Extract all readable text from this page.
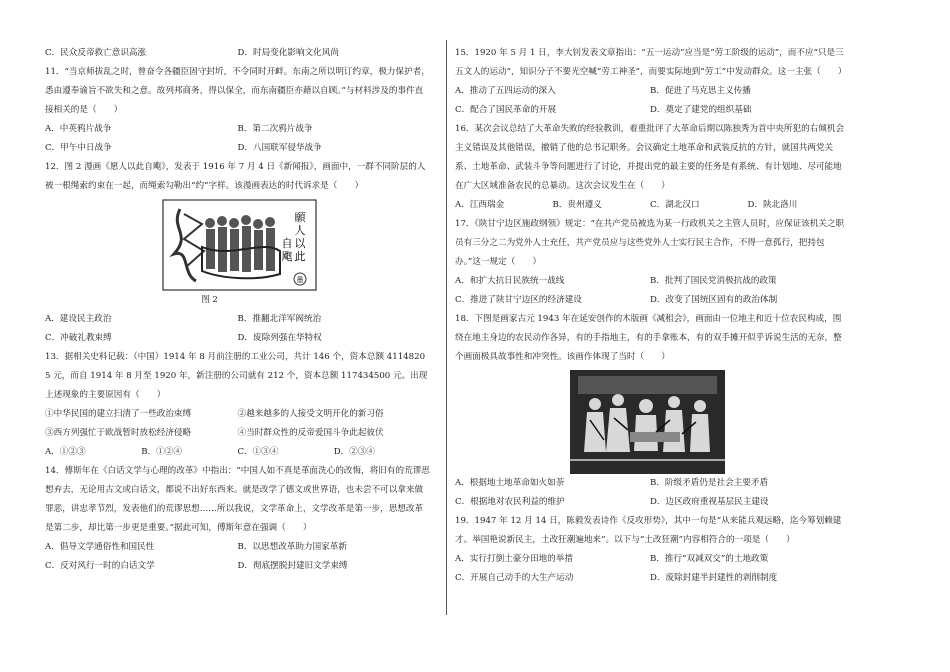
C．民众反帝救亡意识高涨	D．时局变化影响文化风尚

11．“当京师拔乱之时，曾奋令各疆臣固守封圻，不令同时开衅。东南之所以明订约章，极力保护者，悉由遵奉谕旨不欲失和之意。故列邦商务，得以保全，而东南疆臣亦藉以自顾。”与材料涉及的事件直接相关的是（　　）

A．中英鸦片战争	B．第二次鸦片战争
C．甲午中日战争	D．八国联军侵华战争

12．图 2 漫画《愿人以此自飑》，发表于 1916 年 7 月 4 日《新闻报》，画面中，一群不同阶层的人被一根绳索约束在一起，而绳索勾勒出“约”字样。该漫画表达的时代诉求是（　　）

願人以此
自飑
墨
图 2
A．建设民主政治	B．推翻北洋军阀统治
C．冲破礼教束缚	D．废除列强在华特权

13．据相关史料记载：（中国）1914 年 8 月前注册的工业公司，共计 146 个，资本总额 41148205 元，而自 1914 年 8 月至 1920 年，新注册的公司就有 212 个，资本总额 117434500 元。出现上述现象的主要原因有（　　）

①中华民国的建立扫清了一些政治束缚	②越来越多的人接受文明开化的新习俗
③西方列强忙于欧战暂时放松经济侵略	④当时群众性的反帝爱国斗争此起彼伏
A．①②③	B．①②④	C．①③④	D．②③④

14．傅斯年在《白话文学与心理的改革》中指出：“中国人如不真是革面洗心的改悔，将旧有的荒谬思想弃去，无论用古文或白话文，都说不出好东西来。就是改学了德文或世界语，也未尝不可以拿来做罪恶，讲忠孝节烈，发表他们的荒谬思想……所以我说，文学革命上，文学改革是第一步，思想改革是第二步，却比第一步更是重要。”据此可知，傅斯年意在强调（　　）

A．倡导文学通俗性和国民性	B．以思想改革助力国家革新
C．反对风行一时的白话文学	D．彻底摆脱封建旧文学束缚

15．1920 年 5 月 1 日，李大钊发表文章指出：“五一运动”应当是“劳工阶级的运动”，而不应“只是三五文人的运动”，知识分子不要光空喊“劳工神圣”，而要实际地到“劳工”中发动群众。这一主张（　　）

A．推动了五四运动的深入	B．促进了马克思主义传播
C．配合了国民革命的开展	D．奠定了建党的组织基础

16．某次会议总结了大革命失败的经验教训，着重批评了大革命后期以陈独秀为首中央所犯的右倾机会主义错误及其他错误，撤销了他的总书记职务。会议确定土地革命和武装反抗的方针，就国共两党关系、土地革命、武装斗争等问题进行了讨论，并提出党的最主要的任务是有系统、有计划地、尽可能地在广大区域准备农民的总暴动。这次会议发生在（　　）

A．江西瑞金	B．贵州遵义	C．湖北汉口	D．陕北洛川

17．《陕甘宁边区施政纲领》规定：“在共产党员被选为某一行政机关之主管人员时，应保证该机关之职员有三分之二为党外人士充任，共产党员应与这些党外人士实行民主合作，不得一意孤行，把持包办。”这一规定（　　）

A．和扩大抗日民族统一战线	B．批判了国民党消极抗战的政策
C．推进了陕甘宁边区的经济建设	D．改变了国统区固有的政治体制

18．下图是画家古元 1943 年在延安创作的木版画《减租会》，画面由一位地主和近十位农民构成，围绕在地主身边的农民动作各异，有的手指地主，有的手拿账本，有的双手摊开似乎诉说生活的无奈，整个画面极具故事性和冲突性。该画作体现了当时（　　）

A．根据地土地革命如火如荼	B．阶级矛盾仍是社会主要矛盾
C．根据地对农民利益的维护	D．边区政府重视基层民主建设

19．1947 年 12 月 14 日，陈毅发表诗作《反攻形势》，其中一句是“从来能兵观远略，迄今筹划赖建才。举国艳说新民主，土改狂潮遍地来”。以下与“土改狂潮”内容相符合的一项是（　　）

A．实行打倒土豪分田地的举措	B．推行“双减双交”的土地政策
C．开展自己动手的大生产运动	D．废除封建半封建性的剥削制度
